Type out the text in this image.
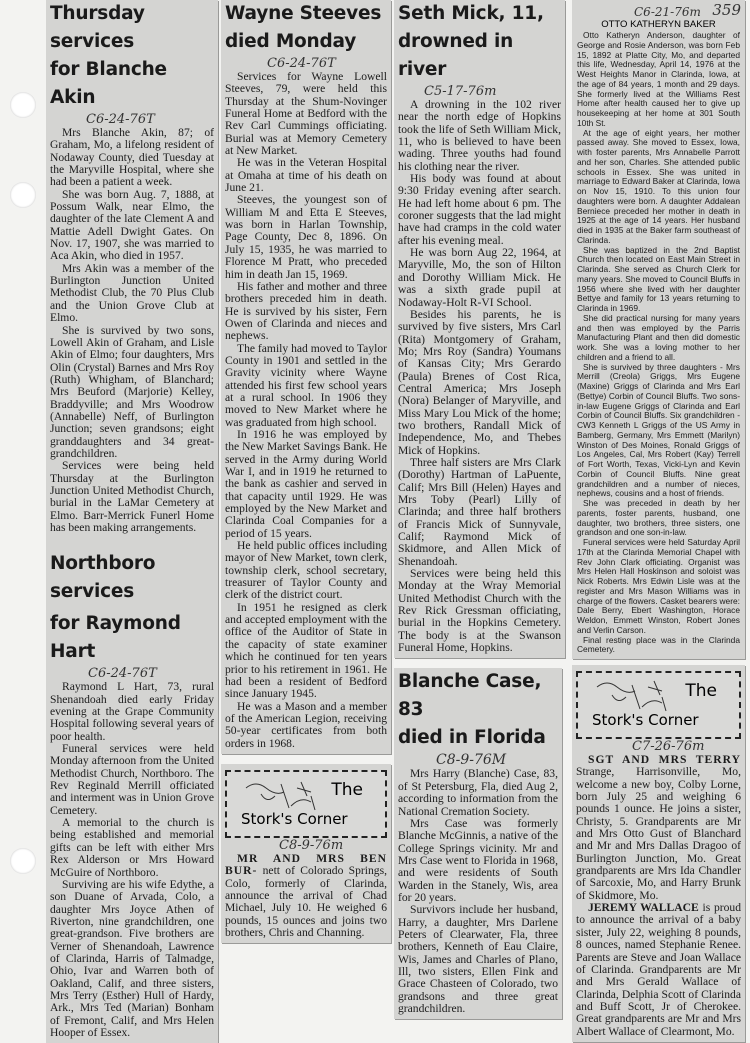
Thursday services
for Blanche Akin
C6-24-76T

Mrs Blanche Akin, 87; of Graham, Mo, a lifelong resident of Nodaway County, died Tuesday at the Maryville Hospital, where she had been a patient a week.

She was born Aug. 7, 1888, at Possum Walk, near Elmo, the daughter of the late Clement A and Mattie Adell Dwight Gates. On Nov. 17, 1907, she was married to Aca Akin, who died in 1957.

Mrs Akin was a member of the Burlington Junction United Methodist Club, the 70 Plus Club and the Union Grove Club at Elmo.

She is survived by two sons, Lowell Akin of Graham, and Lisle Akin of Elmo; four daughters, Mrs Olin (Crystal) Barnes and Mrs Roy (Ruth) Whigham, of Blanchard; Mrs Beuford (Marjorie) Kelley, Braddyville; and Mrs Woodrow (Annabelle) Neff, of Burlington Junction; seven grandsons; eight granddaughters and 34 great-grandchildren.

Services were being held Thursday at the Burlington Junction United Methodist Church, burial in the LaMar Cemetery at Elmo. Barr-Merrick Funerl Home has been making arrangements.

Northboro services
for Raymond Hart
C6-24-76T

Raymond L Hart, 73, rural Shenandoah died early Friday evening at the Grape Community Hospital following several years of poor health.

Funeral services were held Monday afternoon from the United Methodist Church, Northboro. The Rev Reginald Merrill officiated and interment was in Union Grove Cemetery.

A memorial to the church is being established and memorial gifts can be left with either Mrs Rex Alderson or Mrs Howard McGuire of Northboro.

Surviving are his wife Edythe, a son Duane of Arvada, Colo, a daughter Mrs Joyce Athen of Riverton, nine grandchildren, one great-grandson. Five brothers are Verner of Shenandoah, Lawrence of Clarinda, Harris of Talmadge, Ohio, Ivar and Warren both of Oakland, Calif, and three sisters, Mrs Terry (Esther) Hull of Hardy, Ark., Mrs Ted (Marian) Bonham of Fremont, Calif, and Mrs Helen Hooper of Essex.

Wayne Steeves
died Monday
C6-24-76T

Services for Wayne Lowell Steeves, 79, were held this Thursday at the Shum-Novinger Funeral Home at Bedford with the Rev Carl Cummings officiating. Burial was at Memory Cemetery at New Market.

He was in the Veteran Hospital at Omaha at time of his death on June 21.

Steeves, the youngest son of William M and Etta E Steeves, was born in Harlan Township, Page County, Dec 8, 1896. On July 15, 1935, he was married to Florence M Pratt, who preceded him in death Jan 15, 1969.

His father and mother and three brothers preceded him in death. He is survived by his sister, Fern Owen of Clarinda and nieces and nephews.

The family had moved to Taylor County in 1901 and settled in the Gravity vicinity where Wayne attended his first few school years at a rural school. In 1906 they moved to New Market where he was graduated from high school.

In 1916 he was employed by the New Market Savings Bank. He served in the Army during World War I, and in 1919 he returned to the bank as cashier and served in that capacity until 1929. He was employed by the New Market and Clarinda Coal Companies for a period of 15 years.

He held public offices including mayor of New Market, town clerk, township clerk, school secretary, treasurer of Taylor County and clerk of the district court.

In 1951 he resigned as clerk and accepted employment with the office of the Auditor of State in the capacity of state examiner which he continued for ten years prior to his retirement in 1961. He had been a resident of Bedford since January 1945.

He was a Mason and a member of the American Legion, receiving 50-year certificates from both orders in 1968.

The
Stork's Corner
C8-9-76m

MR AND MRS BEN BUR- nett of Colorado Springs, Colo, formerly of Clarinda, announce the arrival of Chad Michael, July 10. He weighed 6 pounds, 15 ounces and joins two brothers, Chris and Channing.

Seth Mick, 11,
drowned in river
C5-17-76m

A drowning in the 102 river near the north edge of Hopkins took the life of Seth William Mick, 11, who is believed to have been wading. Three youths had found his clothing near the river.

His body was found at about 9:30 Friday evening after search. He had left home about 6 pm. The coroner suggests that the lad might have had cramps in the cold water after his evening meal.

He was born Aug 22, 1964, at Maryville, Mo, the son of Hilton and Dorothy William Mick. He was a sixth grade pupil at Nodaway-Holt R-VI School.

Besides his parents, he is survived by five sisters, Mrs Carl (Rita) Montgomery of Graham, Mo; Mrs Roy (Sandra) Youmans of Kansas City; Mrs Gerardo (Paula) Brenes of Cost Rica, Central America; Mrs Joseph (Nora) Belanger of Maryville, and Miss Mary Lou Mick of the home; two brothers, Randall Mick of Independence, Mo, and Thebes Mick of Hopkins.

Three half sisters are Mrs Clark (Dorothy) Hartman of LaPuente, Calif; Mrs Bill (Helen) Hayes and Mrs Toby (Pearl) Lilly of Clarinda; and three half brothers of Francis Mick of Sunnyvale, Calif; Raymond Mick of Skidmore, and Allen Mick of Shenandoah.

Services were being held this Monday at the Wray Memorial United Methodist Church with the Rev Rick Gressman officiating, burial in the Hopkins Cemetery. The body is at the Swanson Funeral Home, Hopkins.

Blanche Case, 83
died in Florida
C8-9-76M

Mrs Harry (Blanche) Case, 83, of St Petersburg, Fla, died Aug 2, according to information from the National Cremation Society.

Mrs Case was formerly Blanche McGinnis, a native of the College Springs vicinity. Mr and Mrs Case went to Florida in 1968, and were residents of South Warden in the Stanely, Wis, area for 20 years.

Survivors include her husband, Harry, a daughter, Mrs Darlene Peters of Clearwater, Fla, three brothers, Kenneth of Eau Claire, Wis, James and Charles of Plano, Ill, two sisters, Ellen Fink and Grace Chasteen of Colorado, two grandsons and three great grandchildren.

C6-21-76m 359
OTTO KATHERYN BAKER

Otto Katheryn Anderson, daughter of George and Rosie Anderson, was born Feb 15, 1892 at Platte City, Mo, and departed this life, Wednesday, April 14, 1976 at the West Heights Manor in Clarinda, Iowa, at the age of 84 years, 1 month and 29 days. She formerly lived at the Williams Rest Home after health caused her to give up housekeeping at her home at 301 South 10th St.

At the age of eight years, her mother passed away. She moved to Essex, Iowa, with foster parents, Mrs Annabelle Parrott and her son, Charles. She attended public schools in Essex. She was united in marriage to Edward Baker at Clarinda, Iowa on Nov 15, 1910. To this union four daughters were born. A daughter Addalean Berniece preceded her mother in death in 1925 at the age of 14 years. Her husband died in 1935 at the Baker farm southeast of Clarinda.

She was baptized in the 2nd Baptist Church then located on East Main Street in Clarinda. She served as Church Clerk for many years. She moved to Council Bluffs in 1956 where she lived with her daughter Bettye and family for 13 years returning to Clarinda in 1969.

She did practical nursing for many years and then was employed by the Parris Manufacturing Plant and then did domestic work. She was a loving mother to her children and a friend to all.

She is survived by three daughters - Mrs Merrill (Creola) Griggs, Mrs Eugene (Maxine) Griggs of Clarinda and Mrs Earl (Bettye) Corbin of Council Bluffs. Two sons-in-law Eugene Griggs of Clarinda and Earl Corbin of Council Bluffs. Six grandchildren - CW3 Kenneth L Griggs of the US Army in Bamberg, Germany, Mrs Emmett (Marilyn) Winston of Des Moines, Ronald Griggs of Los Angeles, Cal, Mrs Robert (Kay) Terrell of Fort Worth, Texas, Vicki-Lyn and Kevin Corbin of Council Bluffs. Nine great grandchildren and a number of nieces, nephews, cousins and a host of friends.

She was preceded in death by her parents, foster parents, husband, one daughter, two brothers, three sisters, one grandson and one son-in-law.

Funeral services were held Saturday April 17th at the Clarinda Memorial Chapel with Rev John Clark officiating. Organist was Mrs Helen Hall Hoskinson and soloist was Nick Roberts. Mrs Edwin Lisle was at the register and Mrs Mason Williams was in charge of the flowers. Casket bearers were: Dale Berry, Ebert Washington, Horace Weldon, Emmett Winston, Robert Jones and Verlin Carson.

Final resting place was in the Clarinda Cemetery.

The
Stork's Corner
C7-26-76m

SGT AND MRS TERRY Strange, Harrisonville, Mo, welcome a new boy, Colby Lorne, born July 25 and weighing 6 pounds 1 ounce. He joins a sister, Christy, 5. Grandparents are Mr and Mrs Otto Gust of Blanchard and Mr and Mrs Dallas Dragoo of Burlington Junction, Mo. Great grandparents are Mrs Ida Chandler of Sarcoxie, Mo, and Harry Brunk of Skidmore, Mo.

JEREMY WALLACE is proud to announce the arrival of a baby sister, July 22, weighing 8 pounds, 8 ounces, named Stephanie Renee. Parents are Steve and Joan Wallace of Clarinda. Grandparents are Mr and Mrs Gerald Wallace of Clarinda, Delphia Scott of Clarinda and Buff Scott, Jr of Cherokee. Great grandparents are Mr and Mrs Albert Wallace of Clearmont, Mo.
